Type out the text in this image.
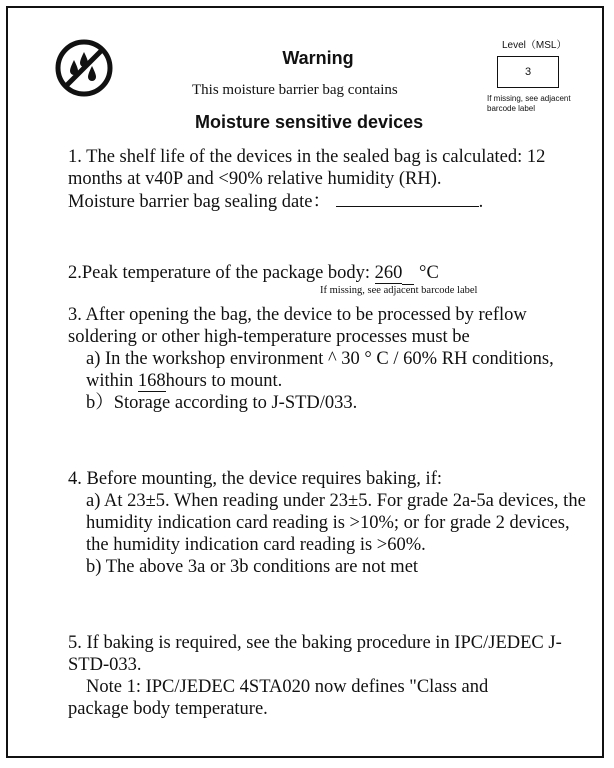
Warning
This moisture barrier bag contains
Moisture sensitive devices
Level（MSL）
3
If missing, see adjacent barcode label
1. The shelf life of the devices in the sealed bag is calculated: 12 months at v40P and <90% relative humidity (RH).
Moisture barrier bag sealing date：	.
2.Peak temperature of the package body: 260 °C
If missing, see adjacent barcode label
3. After opening the bag, the device to be processed by reflow soldering or other high-temperature processes must be
a) In the workshop environment ^ 30 ° C / 60% RH conditions, within 168hours to mount.
b）Storage according to J-STD/033.
4. Before mounting, the device requires baking, if:
a) At 23±5. When reading under 23±5. For grade 2a-5a devices, the humidity indication card reading is >10%; or for grade 2 devices, the humidity indication card reading is >60%.
b) The above 3a or 3b conditions are not met
5. If baking is required, see the baking procedure in IPC/JEDEC J-STD-033.
Note 1: IPC/JEDEC 4STA020 now defines "Class and
package body temperature.
